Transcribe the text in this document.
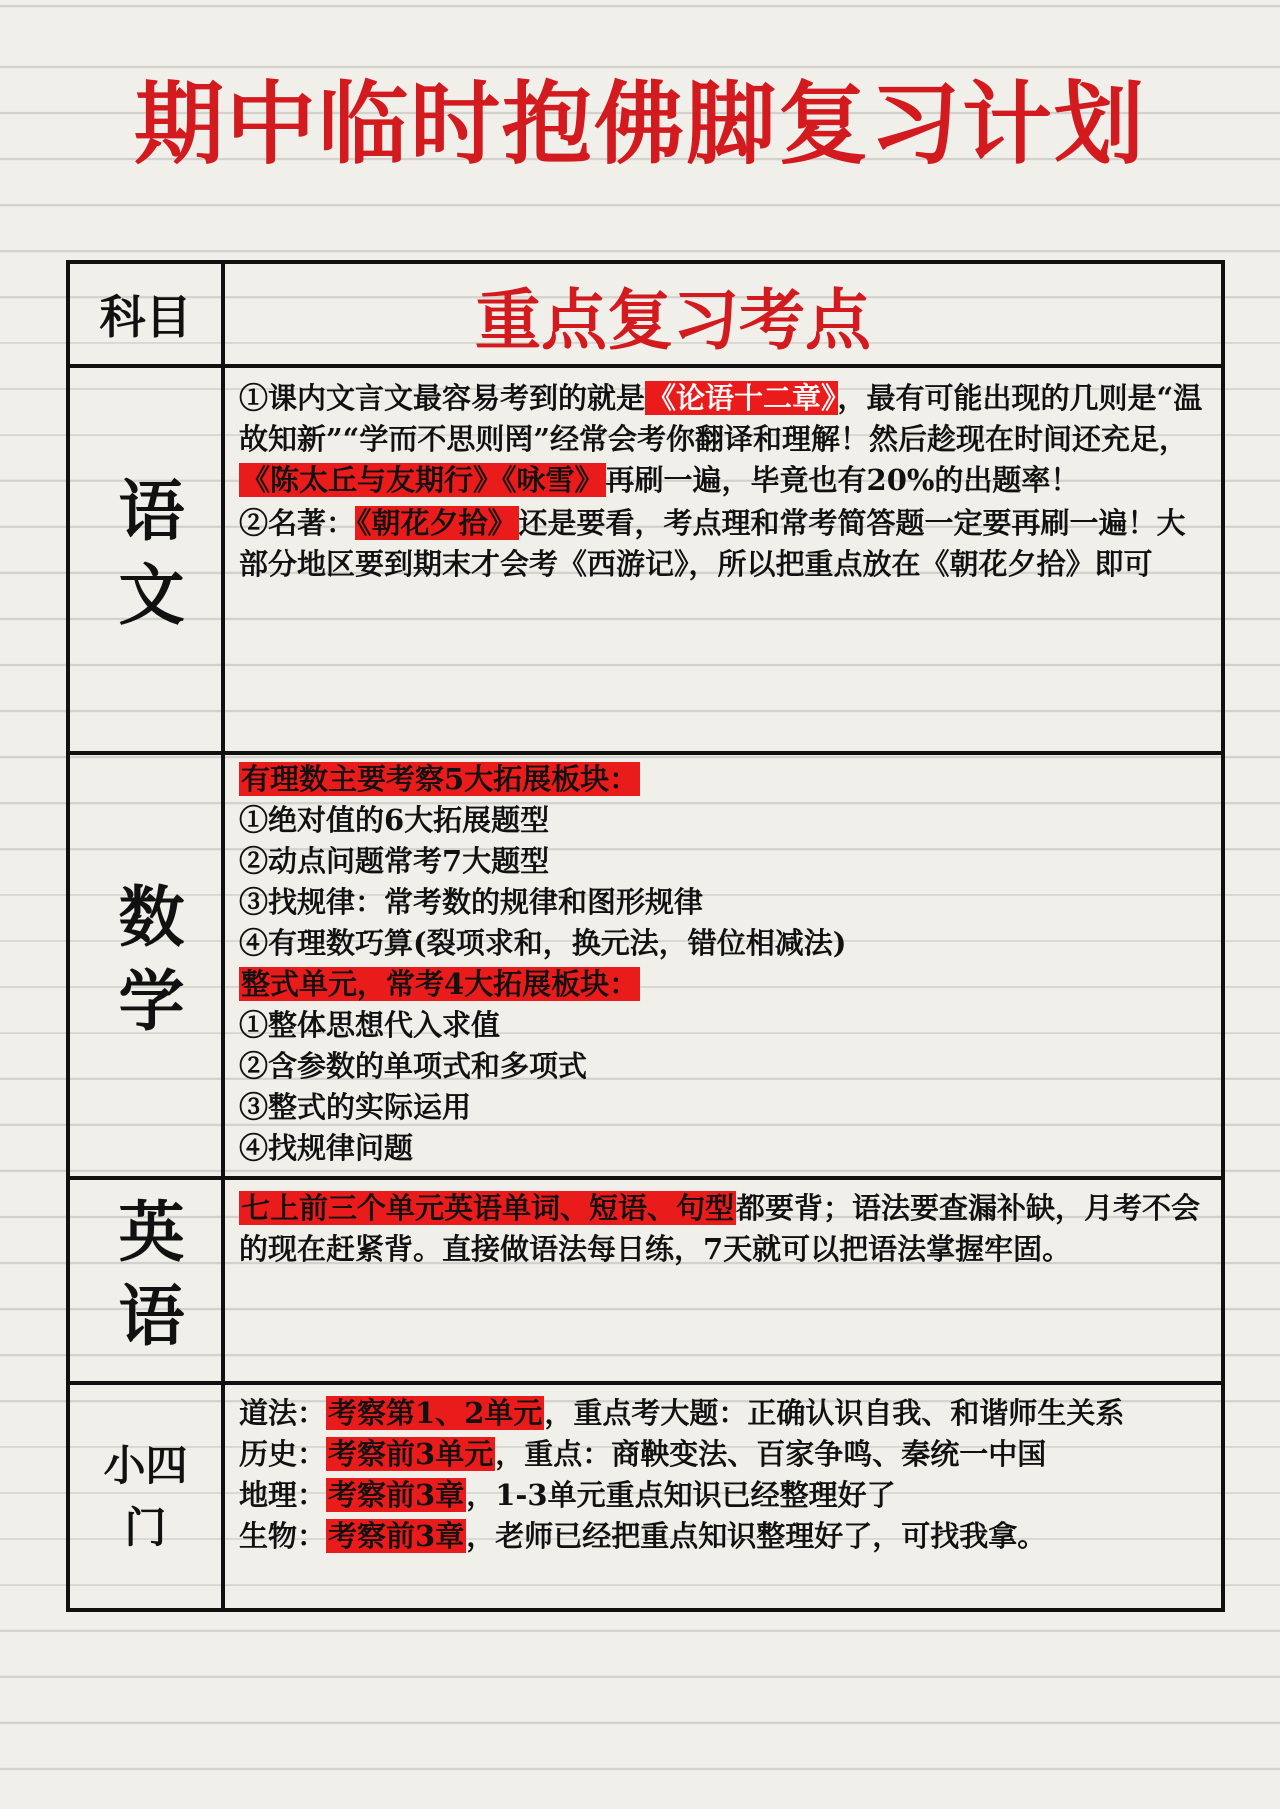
期中临时抱佛脚复习计划
科目	重点复习考点
语文
①课内文言文最容易考到的就是《论语十二章》，最有可能出现的几则是“温故知新”“学而不思则罔”经常会考你翻译和理解！然后趁现在时间还充足，《陈太丘与友期行》《咏雪》再刷一遍，毕竟也有20%的出题率！
②名著：《朝花夕拾》还是要看，考点理和常考简答题一定要再刷一遍！大部分地区要到期末才会考《西游记》，所以把重点放在《朝花夕拾》即可
数学
有理数主要考察5大拓展板块：
①绝对值的6大拓展题型
②动点问题常考7大题型
③找规律：常考数的规律和图形规律
④有理数巧算(裂项求和，换元法，错位相减法)
整式单元，常考4大拓展板块：
①整体思想代入求值
②含参数的单项式和多项式
③整式的实际运用
④找规律问题
英语	七上前三个单元英语单词、短语、句型都要背；语法要查漏补缺，月考不会的现在赶紧背。直接做语法每日练，7天就可以把语法掌握牢固。
小四门
道法：考察第1、2单元，重点考大题：正确认识自我、和谐师生关系
历史：考察前3单元，重点：商鞅变法、百家争鸣、秦统一中国
地理：考察前3章，1-3单元重点知识已经整理好了
生物：考察前3章，老师已经把重点知识整理好了，可找我拿。
